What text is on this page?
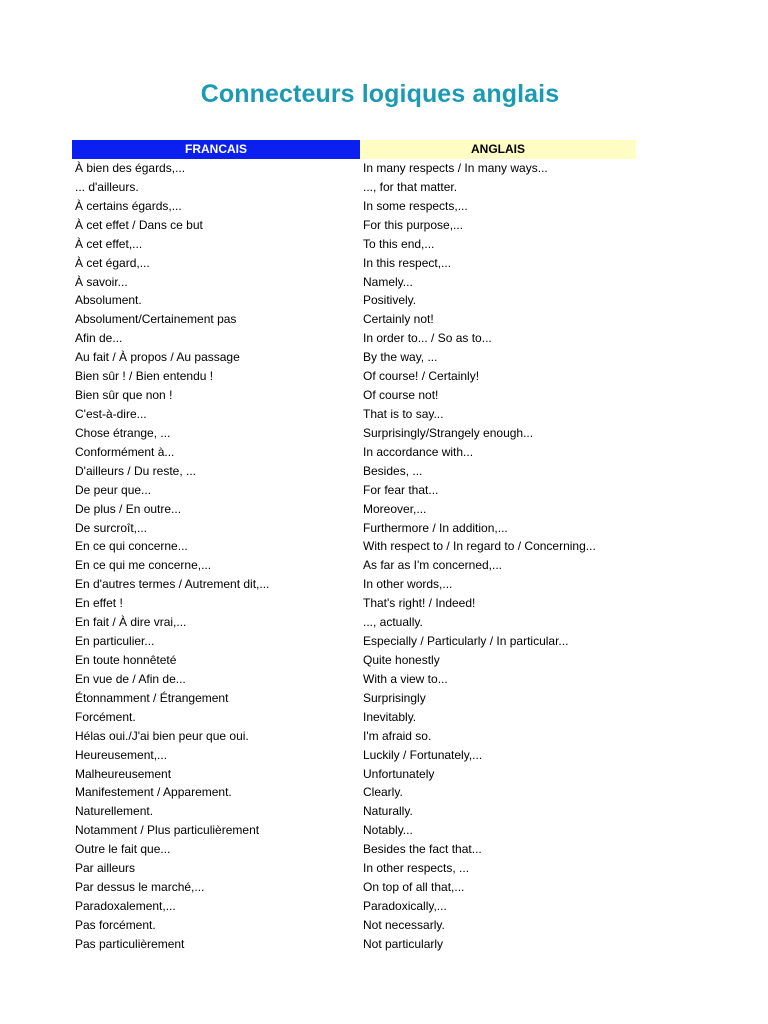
Connecteurs logiques anglais
FRANCAIS	ANGLAIS
À bien des égards,...	In many respects / In many ways...
... d'ailleurs.	..., for that matter.
À certains égards,...	In some respects,...
À cet effet / Dans ce but	For this purpose,...
À cet effet,...	To this end,...
À cet égard,...	In this respect,...
À savoir...	Namely...
Absolument.	Positively.
Absolument/Certainement pas	Certainly not!
Afin de...	In order to... / So as to...
Au fait / À propos / Au passage	By the way, ...
Bien sûr ! / Bien entendu !	Of course! / Certainly!
Bien sûr que non !	Of course not!
C'est-à-dire...	That is to say...
Chose étrange, ...	Surprisingly/Strangely enough...
Conformément à...	In accordance with...
D'ailleurs / Du reste, ...	Besides, ...
De peur que...	For fear that...
De plus / En outre...	Moreover,...
De surcroît,...	Furthermore / In addition,...
En ce qui concerne...	With respect to / In regard to / Concerning...
En ce qui me concerne,...	As far as I'm concerned,...
En d'autres termes / Autrement dit,...	In other words,...
En effet !	That's right! / Indeed!
En fait / À dire vrai,...	..., actually.
En particulier...	Especially / Particularly / In particular...
En toute honnêteté	Quite honestly
En vue de / Afin de...	With a view to...
Étonnamment / Étrangement	Surprisingly
Forcément.	Inevitably.
Hélas oui./J'ai bien peur que oui.	I'm afraid so.
Heureusement,...	Luckily / Fortunately,...
Malheureusement	Unfortunately
Manifestement / Apparement.	Clearly.
Naturellement.	Naturally.
Notamment / Plus particulièrement	Notably...
Outre le fait que...	Besides the fact that...
Par ailleurs	In other respects, ...
Par dessus le marché,...	On top of all that,...
Paradoxalement,...	Paradoxically,...
Pas forcément.	Not necessarly.
Pas particulièrement	Not particularly
